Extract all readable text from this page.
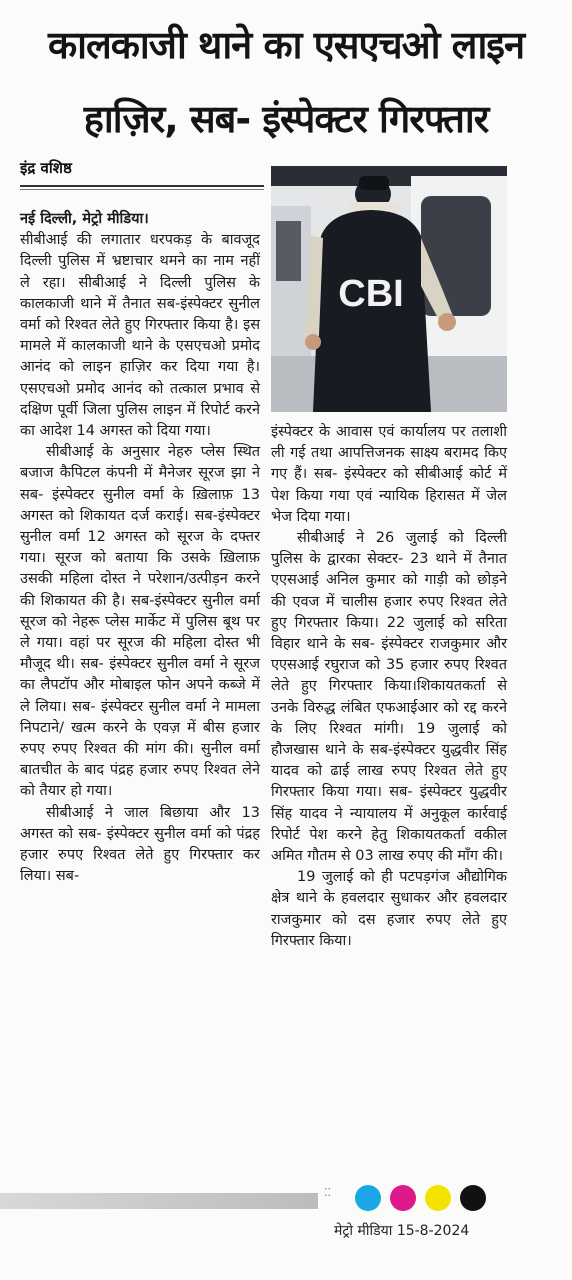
कालकाजी थाने का एसएचओ लाइन
हाज़िर, सब- इंस्पेक्टर गिरफ्तार
इंद्र वशिष्ठ
CBI

नई दिल्ली, मेट्रो मीडिया।

सीबीआई की लगातार धरपकड़ के बावजूद दिल्ली पुलिस में भ्रष्टाचार थमने का नाम नहीं ले रहा। सीबीआई ने दिल्ली पुलिस के कालकाजी थाने में तैनात सब-इंस्पेक्टर सुनील वर्मा को रिश्वत लेते हुए गिरफ्तार किया है। इस मामले में कालकाजी थाने के एसएचओ प्रमोद आनंद को लाइन हाज़िर कर दिया गया है। एसएचओ प्रमोद आनंद को तत्काल प्रभाव से दक्षिण पूर्वी जिला पुलिस लाइन में रिपोर्ट करने का आदेश 14 अगस्त को दिया गया।

सीबीआई के अनुसार नेहरु प्लेस स्थित बजाज कैपिटल कंपनी में मैनेजर सूरज झा ने सब- इंस्पेक्टर सुनील वर्मा के ख़िलाफ़ 13 अगस्त को शिकायत दर्ज कराई। सब-इंस्पेक्टर सुनील वर्मा 12 अगस्त को सूरज के दफ्तर गया। सूरज को बताया कि उसके ख़िलाफ़ उसकी महिला दोस्त ने परेशान/उत्पीड़न करने की शिकायत की है। सब-इंस्पेक्टर सुनील वर्मा सूरज को नेहरू प्लेस मार्केट में पुलिस बूथ पर ले गया। वहां पर सूरज की महिला दोस्त भी मौजूद थी। सब- इंस्पेक्टर सुनील वर्मा ने सूरज का लैपटॉप और मोबाइल फोन अपने कब्जे में ले लिया। सब- इंस्पेक्टर सुनील वर्मा ने मामला निपटाने/ खत्म करने के एवज़ में बीस हजार रुपए रुपए रिश्वत की मांग की। सुनील वर्मा बातचीत के बाद पंद्रह हजार रुपए रिश्वत लेने को तैयार हो गया।

सीबीआई ने जाल बिछाया और 13 अगस्त को सब- इंस्पेक्टर सुनील वर्मा को पंद्रह हजार रुपए रिश्वत लेते हुए गिरफ्तार कर लिया। सब-

इंस्पेक्टर के आवास एवं कार्यालय पर तलाशी ली गई तथा आपत्तिजनक साक्ष्य बरामद किए गए हैं। सब- इंस्पेक्टर को सीबीआई कोर्ट में पेश किया गया एवं न्यायिक हिरासत में जेल भेज दिया गया।

सीबीआई ने 26 जुलाई को दिल्ली पुलिस के द्वारका सेक्टर- 23 थाने में तैनात एएसआई अनिल कुमार को गाड़ी को छोड़ने की एवज में चालीस हजार रुपए रिश्वत लेते हुए गिरफ्तार किया। 22 जुलाई को सरिता विहार थाने के सब- इंस्पेक्टर राजकुमार और एएसआई रघुराज को 35 हजार रुपए रिश्वत लेते हुए गिरफ्तार किया।शिकायतकर्ता से उनके विरुद्ध लंबित एफआईआर को रद्द करने के लिए रिश्वत मांगी। 19 जुलाई को हौजखास थाने के सब-इंस्पेक्टर युद्धवीर सिंह यादव को ढाई लाख रुपए रिश्वत लेते हुए गिरफ्तार किया गया। सब- इंस्पेक्टर युद्धवीर सिंह यादव ने न्यायालय में अनुकूल कार्रवाई रिपोर्ट पेश करने हेतु शिकायतकर्ता वकील अमित गौतम से 03 लाख रुपए की माँग की।

19 जुलाई को ही पटपड़गंज औद्योगिक क्षेत्र थाने के हवलदार सुधाकर और हवलदार राजकुमार को दस हजार रुपए लेते हुए गिरफ्तार किया।

⁚⁚
मेट्रो मीडिया 15-8-2024
